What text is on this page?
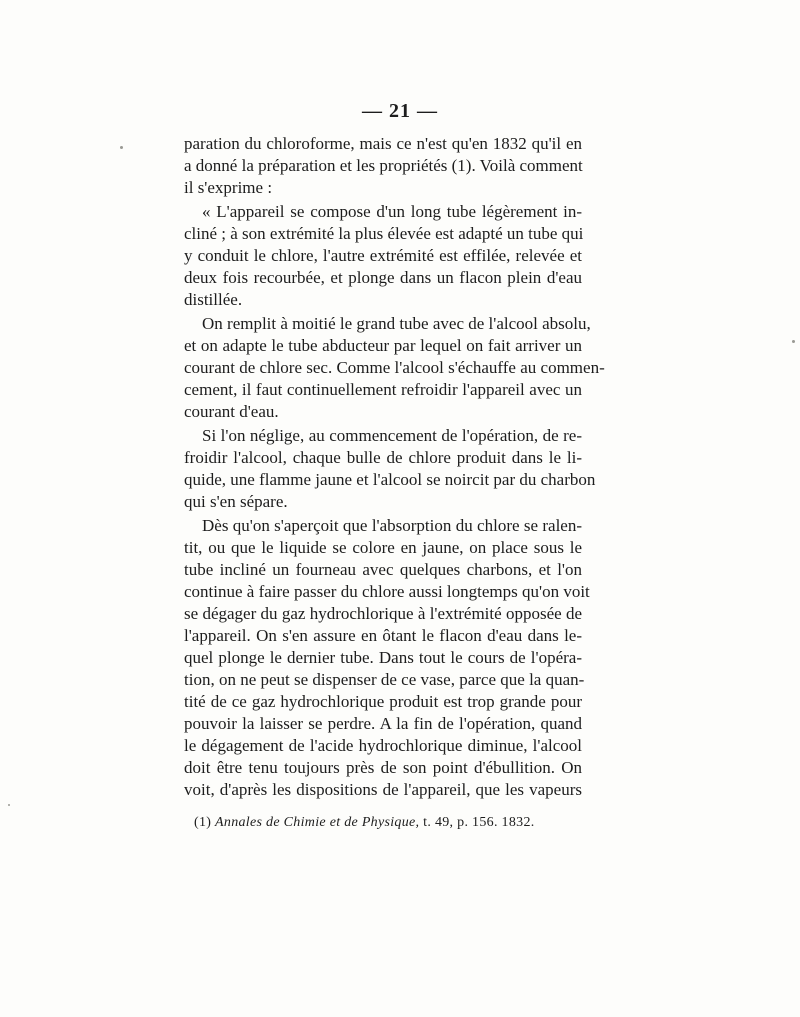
— 21 —
paration du chloroforme, mais ce n'est qu'en 1832 qu'il en
a donné la préparation et les propriétés (1). Voilà comment
il s'exprime :
« L'appareil se compose d'un long tube légèrement in-
cliné ; à son extrémité la plus élevée est adapté un tube qui
y conduit le chlore, l'autre extrémité est effilée, relevée et
deux fois recourbée, et plonge dans un flacon plein d'eau
distillée.
On remplit à moitié le grand tube avec de l'alcool absolu,
et on adapte le tube abducteur par lequel on fait arriver un
courant de chlore sec. Comme l'alcool s'échauffe au commen-
cement, il faut continuellement refroidir l'appareil avec un
courant d'eau.
Si l'on néglige, au commencement de l'opération, de re-
froidir l'alcool, chaque bulle de chlore produit dans le li-
quide, une flamme jaune et l'alcool se noircit par du charbon
qui s'en sépare.
Dès qu'on s'aperçoit que l'absorption du chlore se ralen-
tit, ou que le liquide se colore en jaune, on place sous le
tube incliné un fourneau avec quelques charbons, et l'on
continue à faire passer du chlore aussi longtemps qu'on voit
se dégager du gaz hydrochlorique à l'extrémité opposée de
l'appareil. On s'en assure en ôtant le flacon d'eau dans le-
quel plonge le dernier tube. Dans tout le cours de l'opéra-
tion, on ne peut se dispenser de ce vase, parce que la quan-
tité de ce gaz hydrochlorique produit est trop grande pour
pouvoir la laisser se perdre. A la fin de l'opération, quand
le dégagement de l'acide hydrochlorique diminue, l'alcool
doit être tenu toujours près de son point d'ébullition. On
voit, d'après les dispositions de l'appareil, que les vapeurs
(1) Annales de Chimie et de Physique, t. 49, p. 156. 1832.
